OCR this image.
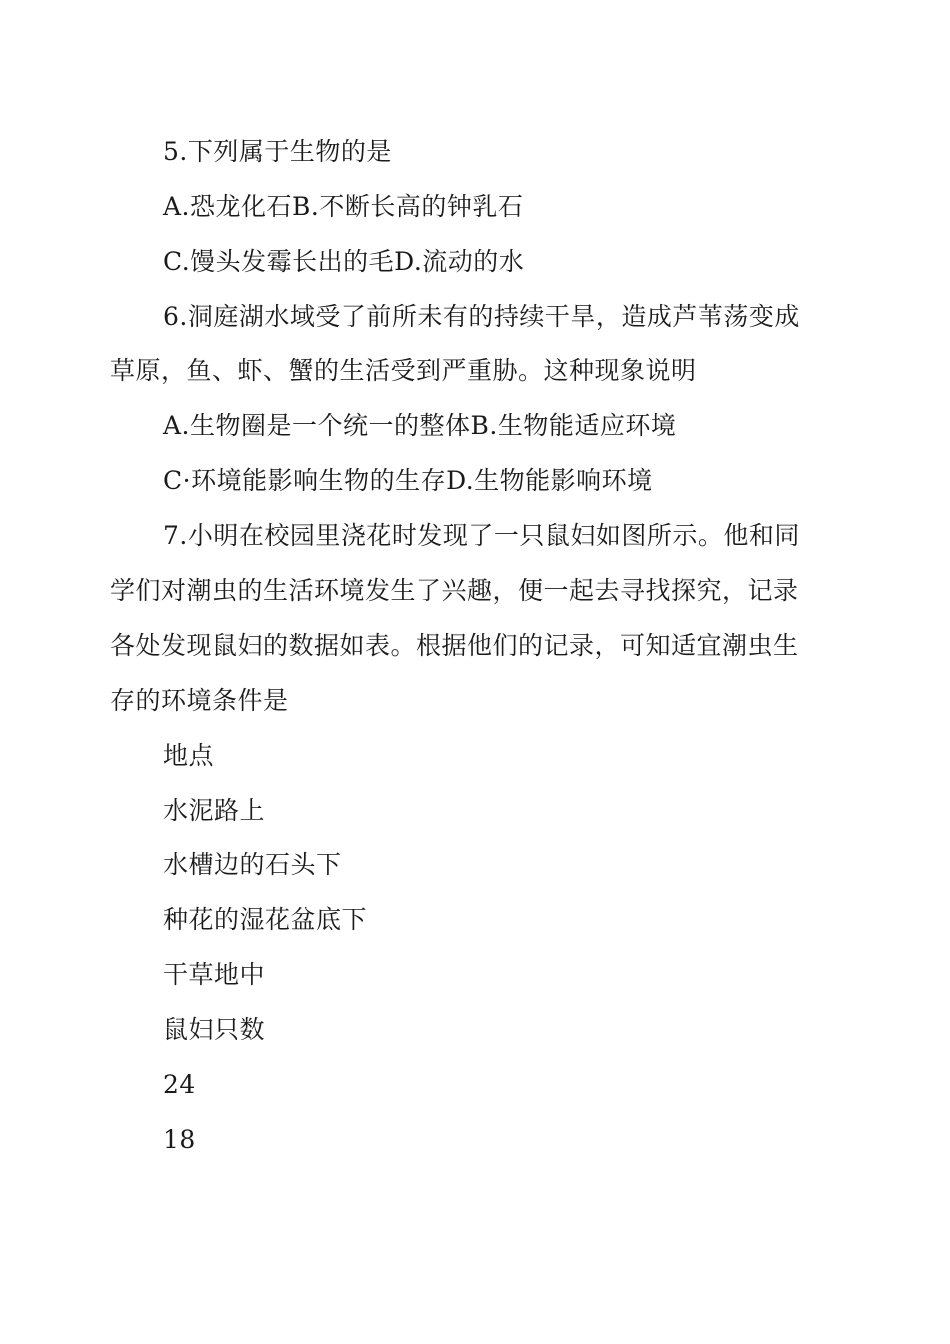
5.下列属于生物的是
A.恐龙化石B.不断长高的钟乳石
C.馒头发霉长出的毛D.流动的水
6.洞庭湖水域受了前所未有的持续干旱，造成芦苇荡变成
草原，鱼、虾、蟹的生活受到严重胁。这种现象说明
A.生物圈是一个统一的整体B.生物能适应环境
C·环境能影响生物的生存D.生物能影响环境
7.小明在校园里浇花时发现了一只鼠妇如图所示。他和同
学们对潮虫的生活环境发生了兴趣，便一起去寻找探究，记录
各处发现鼠妇的数据如表。根据他们的记录，可知适宜潮虫生
存的环境条件是
地点
水泥路上
水槽边的石头下
种花的湿花盆底下
干草地中
鼠妇只数
24
18
